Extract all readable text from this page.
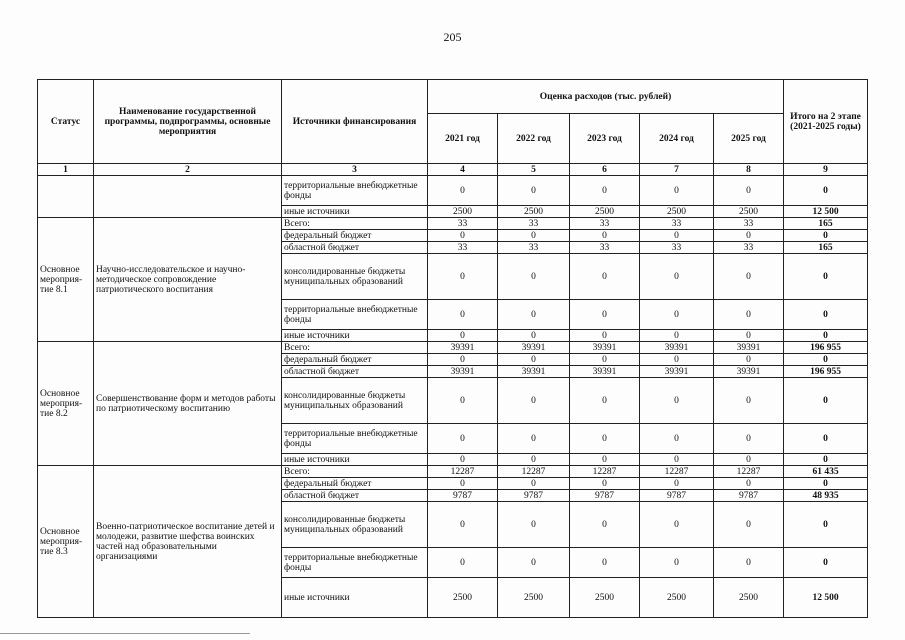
205
Статус	Наименование государственной программы, подпрограммы, основные мероприятия	Источники финансирования	Оценка расходов (тыс. рублей)					Итого на 2 этапе (2021-2025 годы)
			2021 год	2022 год	2023 год	2024 год	2025 год	
1	2	3	4	5	6	7	8	9
		территориальные внебюджетные фонды	0	0	0	0	0	0
		иные источники	2500	2500	2500	2500	2500	12 500
Основное мероприя-тие 8.1	Научно-исследовательское и научно-методическое сопровождение патриотического воспитания	Всего:	33	33	33	33	33	165
		федеральный бюджет	0	0	0	0	0	0
		областной бюджет	33	33	33	33	33	165
		консолидированные бюджеты муниципальных образований	0	0	0	0	0	0
		территориальные внебюджетные фонды	0	0	0	0	0	0
		иные источники	0	0	0	0	0	0
Основное мероприя-тие 8.2	Совершенствование форм и методов работы по патриотическому воспитанию	Всего:	39391	39391	39391	39391	39391	196 955
		федеральный бюджет	0	0	0	0	0	0
		областной бюджет	39391	39391	39391	39391	39391	196 955
		консолидированные бюджеты муниципальных образований	0	0	0	0	0	0
		территориальные внебюджетные фонды	0	0	0	0	0	0
		иные источники	0	0	0	0	0	0
Основное мероприя-тие 8.3	Военно-патриотическое воспитание детей и молодежи, развитие шефства воинских частей над образовательными организациями	Всего:	12287	12287	12287	12287	12287	61 435
		федеральный бюджет	0	0	0	0	0	0
		областной бюджет	9787	9787	9787	9787	9787	48 935
		консолидированные бюджеты муниципальных образований	0	0	0	0	0	0
		территориальные внебюджетные фонды	0	0	0	0	0	0
		иные источники	2500	2500	2500	2500	2500	12 500
